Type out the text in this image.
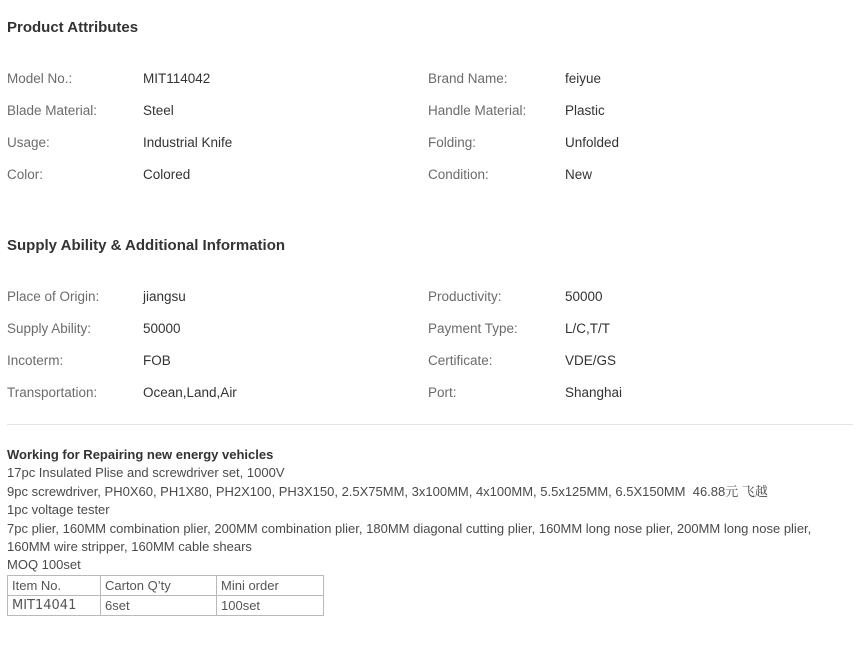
Product Attributes
Model No.:	MIT114042	Brand Name:	feiyue
Blade Material:	Steel	Handle Material:	Plastic
Usage:	Industrial Knife	Folding:	Unfolded
Color:	Colored	Condition:	New
Supply Ability & Additional Information
Place of Origin:	jiangsu	Productivity:	50000
Supply Ability:	50000	Payment Type:	L/C,T/T
Incoterm:	FOB	Certificate:	VDE/GS
Transportation:	Ocean,Land,Air	Port:	Shanghai
Working for Repairing new energy vehicles
17pc Insulated Plise and screwdriver set, 1000V
9pc screwdriver, PH0X60, PH1X80, PH2X100, PH3X150, 2.5X75MM, 3x100MM, 4x100MM, 5.5x125MM, 6.5X150MM  46.88元 飞越
1pc voltage tester
7pc plier, 160MM combination plier, 200MM combination plier, 180MM diagonal cutting plier, 160MM long nose plier, 200MM long nose plier,
160MM wire stripper, 160MM cable shears
MOQ 100set
Item No.	Carton Q’ty	Mini order
MIT14041	6set	100set
